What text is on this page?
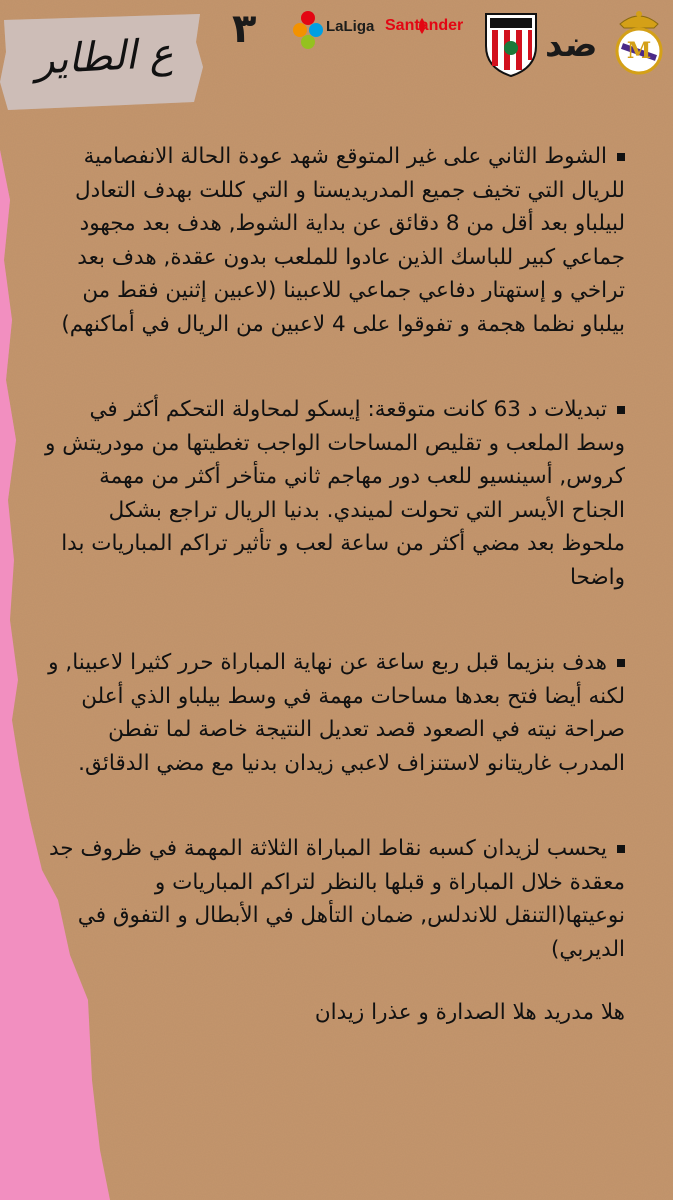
ع الطاير
٣	LaLiga Santander ضد M

الشوط الثاني على غير المتوقع شهد عودة الحالة الانفصامية للريال التي تخيف جميع المدريديستا و التي كللت بهدف التعادل لبيلباو بعد أقل من 8 دقائق عن بداية الشوط, هدف بعد مجهود جماعي كبير للباسك الذين عادوا للملعب بدون عقدة, هدف بعد تراخي و إستهتار دفاعي جماعي للاعبينا (لاعبين إثنين فقط من بيلباو نظما هجمة و تفوقوا على 4 لاعبين من الريال في أماكنهم)

تبديلات د 63 كانت متوقعة: إيسكو لمحاولة التحكم أكثر في وسط الملعب و تقليص المساحات الواجب تغطيتها من مودريتش و كروس, أسينسيو للعب دور مهاجم ثاني متأخر أكثر من مهمة الجناح الأيسر التي تحولت لميندي. بدنيا الريال تراجع بشكل ملحوظ بعد مضي أكثر من ساعة لعب و تأثير تراكم المباريات بدا واضحا

هدف بنزيما قبل ربع ساعة عن نهاية المباراة حرر كثيرا لاعبينا, و لكنه أيضا فتح بعدها مساحات مهمة في وسط بيلباو الذي أعلن صراحة نيته في الصعود قصد تعديل النتيجة خاصة لما تفطن المدرب غاريتانو لاستنزاف لاعبي زيدان بدنيا مع مضي الدقائق.

يحسب لزيدان كسبه نقاط المباراة الثلاثة المهمة في ظروف جد معقدة خلال المباراة و قبلها بالنظر لتراكم المباريات و نوعيتها(التنقل للاندلس, ضمان التأهل في الأبطال و التفوق في الديربي)

هلا مدريد هلا الصدارة و عذرا زيدان
